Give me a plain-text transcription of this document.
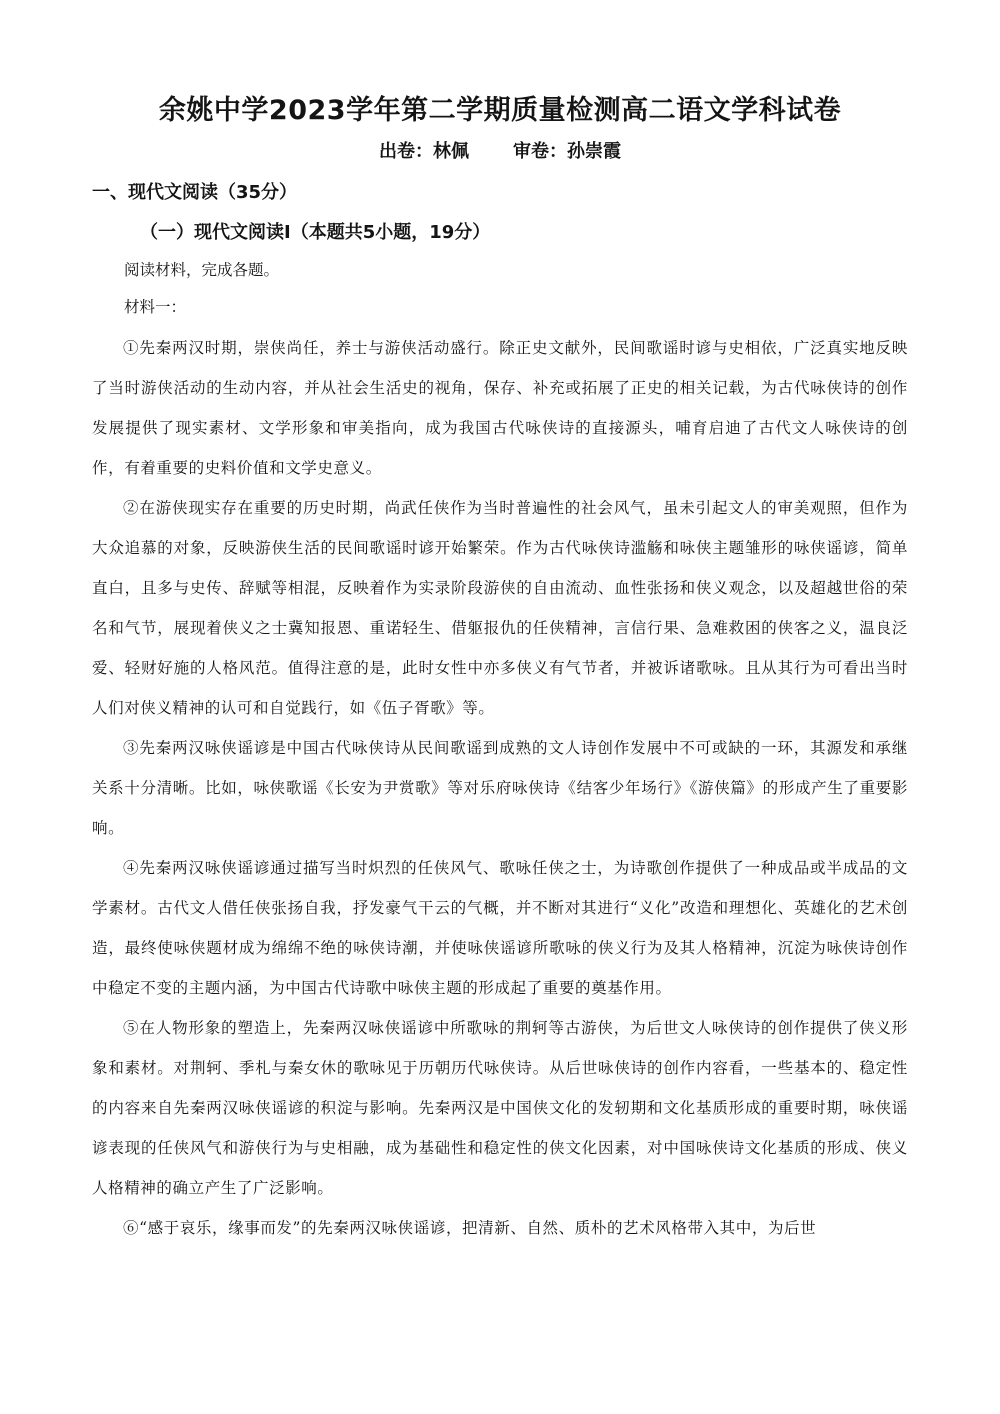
余姚中学2023学年第二学期质量检测高二语文学科试卷
出卷：林佩 审卷：孙崇霞
一、现代文阅读（35分）
（一）现代文阅读Ⅰ（本题共5小题，19分）

阅读材料，完成各题。

材料一：

①先秦两汉时期，崇侠尚任，养士与游侠活动盛行。除正史文献外，民间歌谣时谚与史相依，广泛真实地反映了当时游侠活动的生动内容，并从社会生活史的视角，保存、补充或拓展了正史的相关记载，为古代咏侠诗的创作发展提供了现实素材、文学形象和审美指向，成为我国古代咏侠诗的直接源头，哺育启迪了古代文人咏侠诗的创作，有着重要的史料价值和文学史意义。

②在游侠现实存在重要的历史时期，尚武任侠作为当时普遍性的社会风气，虽未引起文人的审美观照，但作为大众追慕的对象，反映游侠生活的民间歌谣时谚开始繁荣。作为古代咏侠诗滥觞和咏侠主题雏形的咏侠谣谚，简单直白，且多与史传、辞赋等相混，反映着作为实录阶段游侠的自由流动、血性张扬和侠义观念，以及超越世俗的荣名和气节，展现着侠义之士冀知报恩、重诺轻生、借躯报仇的任侠精神，言信行果、急难救困的侠客之义，温良泛爱、轻财好施的人格风范。值得注意的是，此时女性中亦多侠义有气节者，并被诉诸歌咏。且从其行为可看出当时人们对侠义精神的认可和自觉践行，如《伍子胥歌》等。

③先秦两汉咏侠谣谚是中国古代咏侠诗从民间歌谣到成熟的文人诗创作发展中不可或缺的一环，其源发和承继关系十分清晰。比如，咏侠歌谣《长安为尹赏歌》等对乐府咏侠诗《结客少年场行》《游侠篇》的形成产生了重要影响。

④先秦两汉咏侠谣谚通过描写当时炽烈的任侠风气、歌咏任侠之士，为诗歌创作提供了一种成品或半成品的文学素材。古代文人借任侠张扬自我，抒发豪气干云的气概，并不断对其进行“义化”改造和理想化、英雄化的艺术创造，最终使咏侠题材成为绵绵不绝的咏侠诗潮，并使咏侠谣谚所歌咏的侠义行为及其人格精神，沉淀为咏侠诗创作中稳定不变的主题内涵，为中国古代诗歌中咏侠主题的形成起了重要的奠基作用。

⑤在人物形象的塑造上，先秦两汉咏侠谣谚中所歌咏的荆轲等古游侠，为后世文人咏侠诗的创作提供了侠义形象和素材。对荆轲、季札与秦女休的歌咏见于历朝历代咏侠诗。从后世咏侠诗的创作内容看，一些基本的、稳定性的内容来自先秦两汉咏侠谣谚的积淀与影响。先秦两汉是中国侠文化的发轫期和文化基质形成的重要时期，咏侠谣谚表现的任侠风气和游侠行为与史相融，成为基础性和稳定性的侠文化因素，对中国咏侠诗文化基质的形成、侠义人格精神的确立产生了广泛影响。

⑥“感于哀乐，缘事而发”的先秦两汉咏侠谣谚，把清新、自然、质朴的艺术风格带入其中，为后世
